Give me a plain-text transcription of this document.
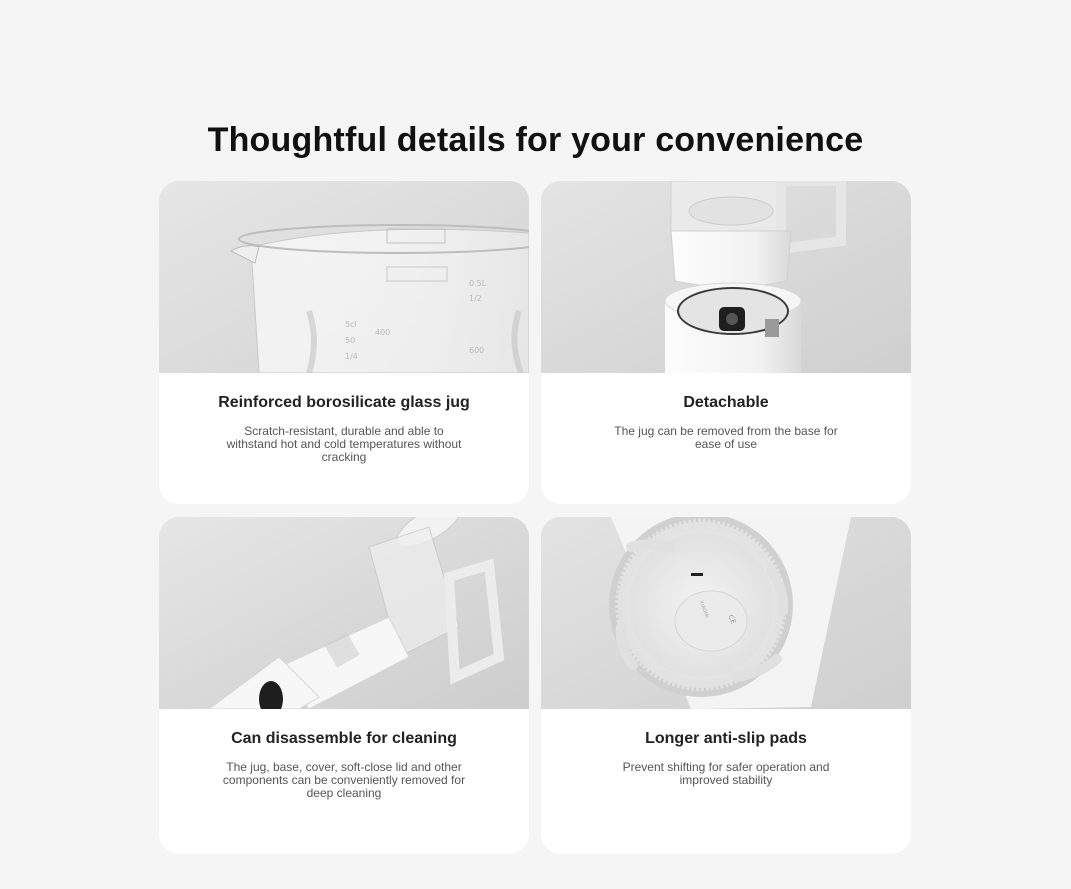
Thoughtful details for your convenience
5cl
50
0.5L
1/2
1/4
600
400
Reinforced borosilicate glass jug
Scratch-resistant, durable and able to withstand hot and cold temperatures without cracking
Detachable
The jug can be removed from the base for ease of use
Can disassemble for cleaning
The jug, base, cover, soft-close lid and other components can be conveniently removed for deep cleaning
XIAOMI
CE
Longer anti-slip pads
Prevent shifting for safer operation and improved stability
